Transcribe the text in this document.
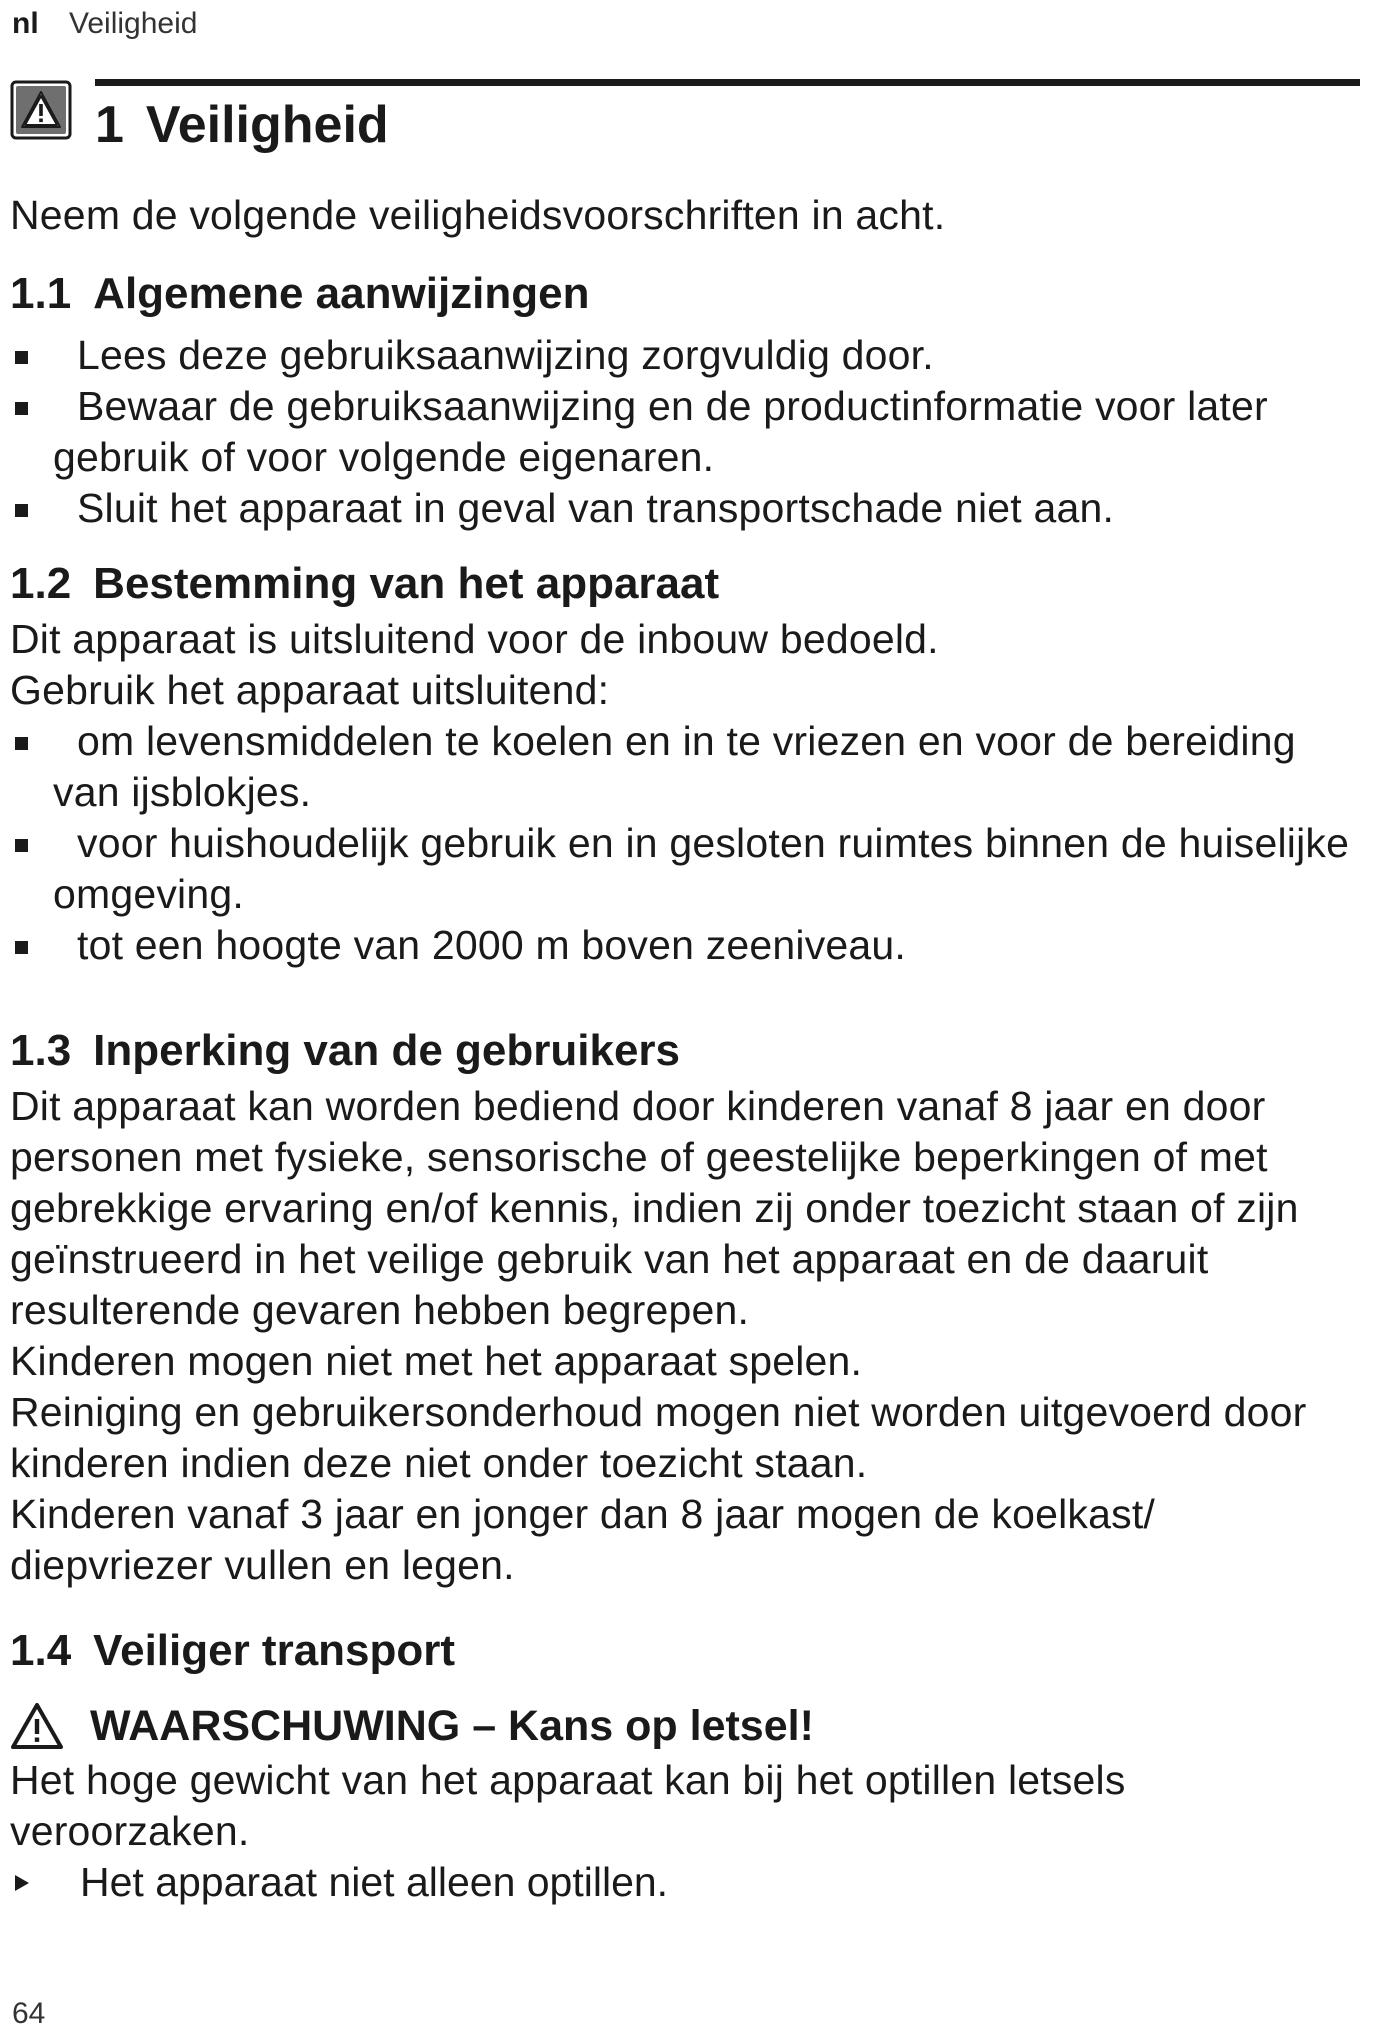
nl Veiligheid
1 Veiligheid

Neem de volgende veiligheidsvoorschriften in acht.

1.1 Algemene aanwijzingen
Lees deze gebruiksaanwijzing zorgvuldig door.
Bewaar de gebruiksaanwijzing en de productinformatie voor later gebruik of voor volgende eigenaren.
Sluit het apparaat in geval van transportschade niet aan.
1.2 Bestemming van het apparaat

Dit apparaat is uitsluitend voor de inbouw bedoeld.

Gebruik het apparaat uitsluitend:

om levensmiddelen te koelen en in te vriezen en voor de bereiding van ijsblokjes.
voor huishoudelijk gebruik en in gesloten ruimtes binnen de huiselijke omgeving.
tot een hoogte van 2000 m boven zeeniveau.
1.3 Inperking van de gebruikers

Dit apparaat kan worden bediend door kinderen vanaf 8 jaar en door personen met fysieke, sensorische of geestelijke beperkingen of met gebrekkige ervaring en/of kennis, indien zij onder toezicht staan of zijn geïnstrueerd in het veilige gebruik van het apparaat en de daaruit resulterende gevaren hebben begrepen.

Kinderen mogen niet met het apparaat spelen.

Reiniging en gebruikersonderhoud mogen niet worden uitgevoerd door kinderen indien deze niet onder toezicht staan.

Kinderen vanaf 3 jaar en jonger dan 8 jaar mogen de koelkast/ diepvriezer vullen en legen.

1.4 Veiliger transport
WAARSCHUWING – Kans op letsel!

Het hoge gewicht van het apparaat kan bij het optillen letsels veroorzaken.

Het apparaat niet alleen optillen.
64
